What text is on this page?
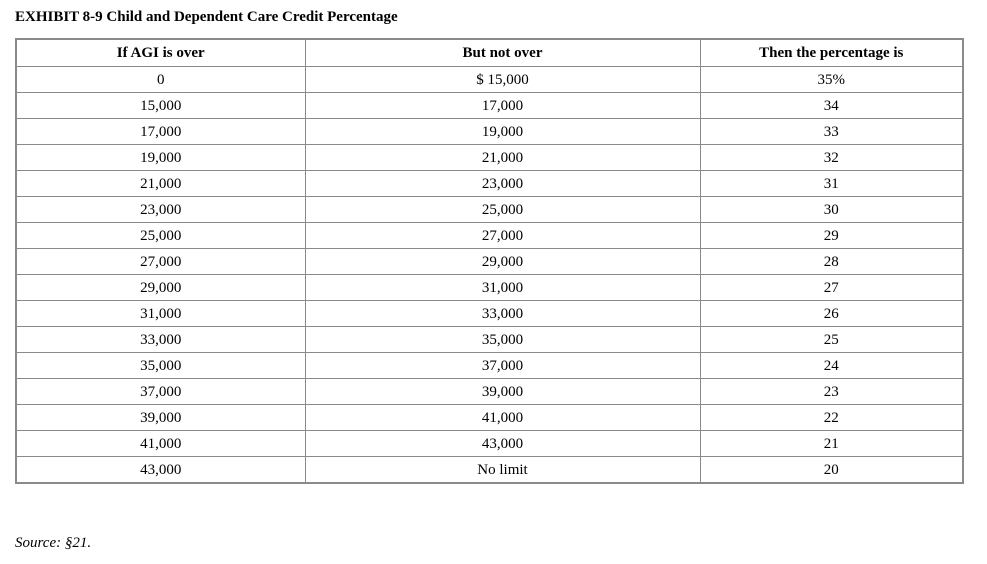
EXHIBIT 8-9 Child and Dependent Care Credit Percentage
If AGI is over	But not over	Then the percentage is
0	$ 15,000	35%
15,000	17,000	34
17,000	19,000	33
19,000	21,000	32
21,000	23,000	31
23,000	25,000	30
25,000	27,000	29
27,000	29,000	28
29,000	31,000	27
31,000	33,000	26
33,000	35,000	25
35,000	37,000	24
37,000	39,000	23
39,000	41,000	22
41,000	43,000	21
43,000	No limit	20
Source: §21.
